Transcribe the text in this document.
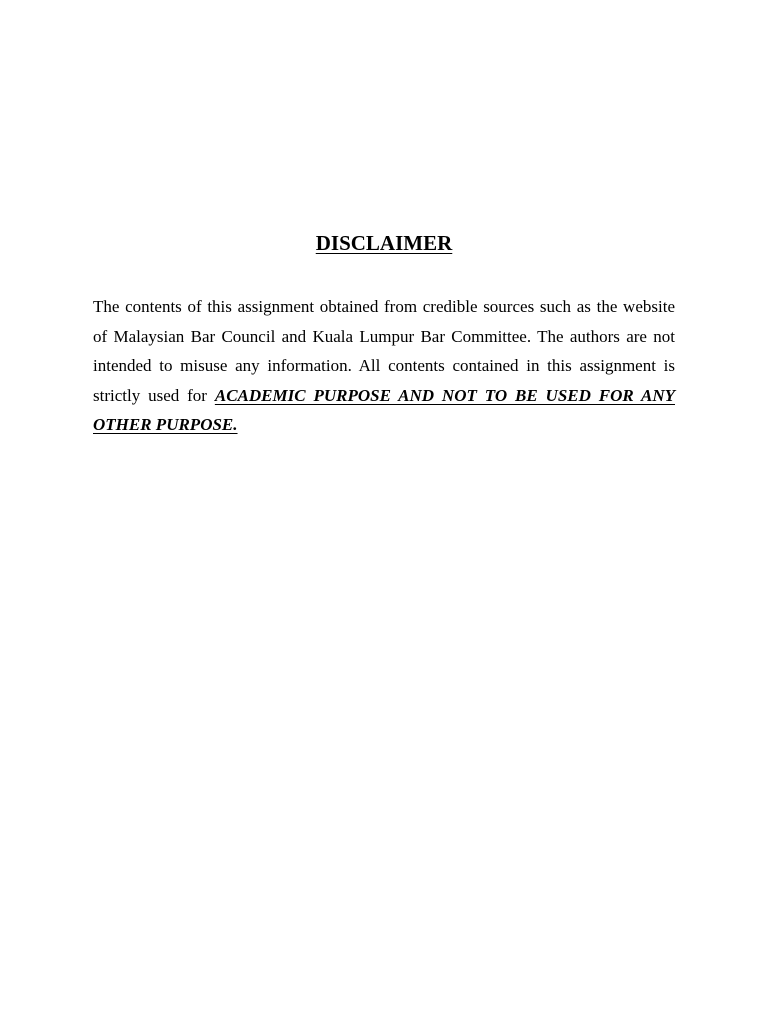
DISCLAIMER

The contents of this assignment obtained from credible sources such as the website of Malaysian Bar Council and Kuala Lumpur Bar Committee. The authors are not intended to misuse any information. All contents contained in this assignment is strictly used for ACADEMIC PURPOSE AND NOT TO BE USED FOR ANY OTHER PURPOSE.
